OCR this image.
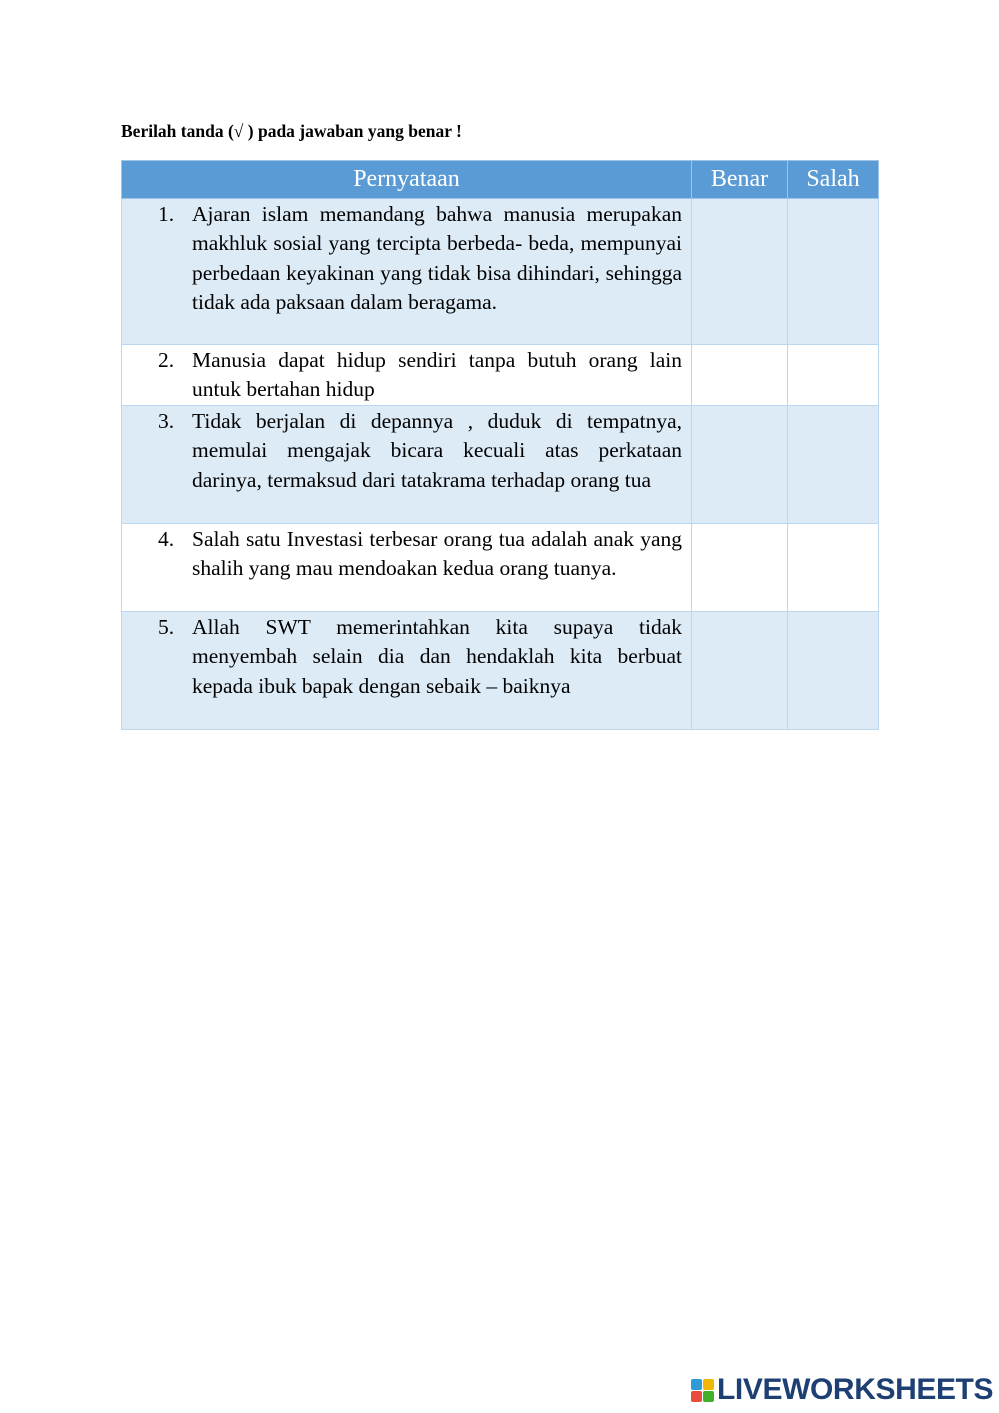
Berilah tanda (√ ) pada jawaban yang benar !
Pernyataan	Benar	Salah

1. Ajaran islam memandang bahwa manusia merupakan makhluk sosial yang tercipta berbeda- beda, mempunyai perbedaan keyakinan yang tidak bisa dihindari, sehingga tidak ada paksaan dalam beragama.		

2. Manusia dapat hidup sendiri tanpa butuh orang lain untuk bertahan hidup		

3. Tidak berjalan di depannya , duduk di tempatnya, memulai mengajak bicara kecuali atas perkataan darinya, termaksud dari tatakrama terhadap orang tua		

4. Salah satu Investasi terbesar orang tua adalah anak yang shalih yang mau mendoakan kedua orang tuanya.		

5. Allah SWT memerintahkan kita supaya tidak menyembah selain dia dan hendaklah kita berbuat kepada ibuk bapak dengan sebaik – baiknya		

LIVEWORKSHEETS
